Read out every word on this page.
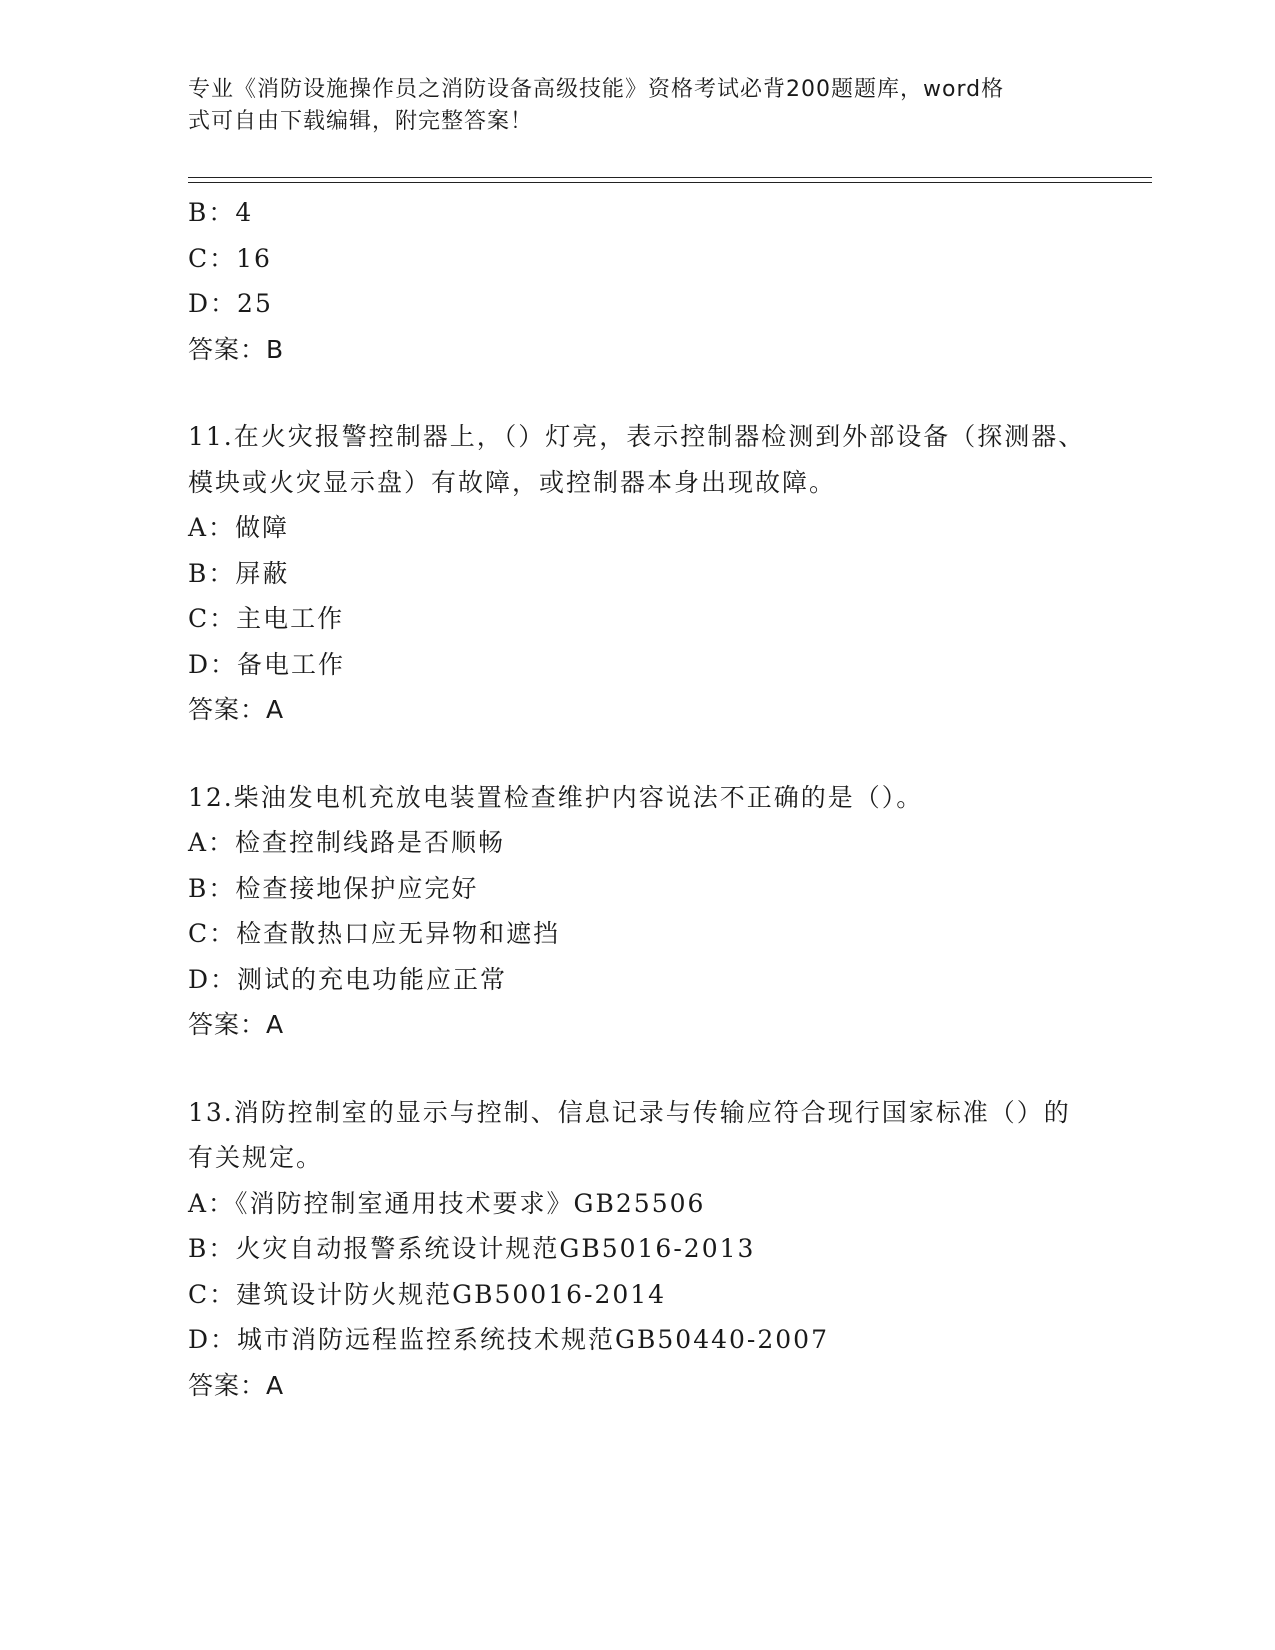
专业《消防设施操作员之消防设备高级技能》资格考试必背200题题库，word格
式可自由下载编辑，附完整答案！
B：4
C：16
D：25
答案：B
11.在火灾报警控制器上，（）灯亮，表示控制器检测到外部设备（探测器、模块或火灾显示盘）有故障，或控制器本身出现故障。
A：做障
B：屏蔽
C：主电工作
D：备电工作
答案：A
12.柴油发电机充放电装置检查维护内容说法不正确的是（）。
A：检查控制线路是否顺畅
B：检查接地保护应完好
C：检查散热口应无异物和遮挡
D：测试的充电功能应正常
答案：A
13.消防控制室的显示与控制、信息记录与传输应符合现行国家标准（）的有关规定。
A：《消防控制室通用技术要求》GB25506
B：火灾自动报警系统设计规范GB5016-2013
C：建筑设计防火规范GB50016-2014
D：城市消防远程监控系统技术规范GB50440-2007
答案：A
